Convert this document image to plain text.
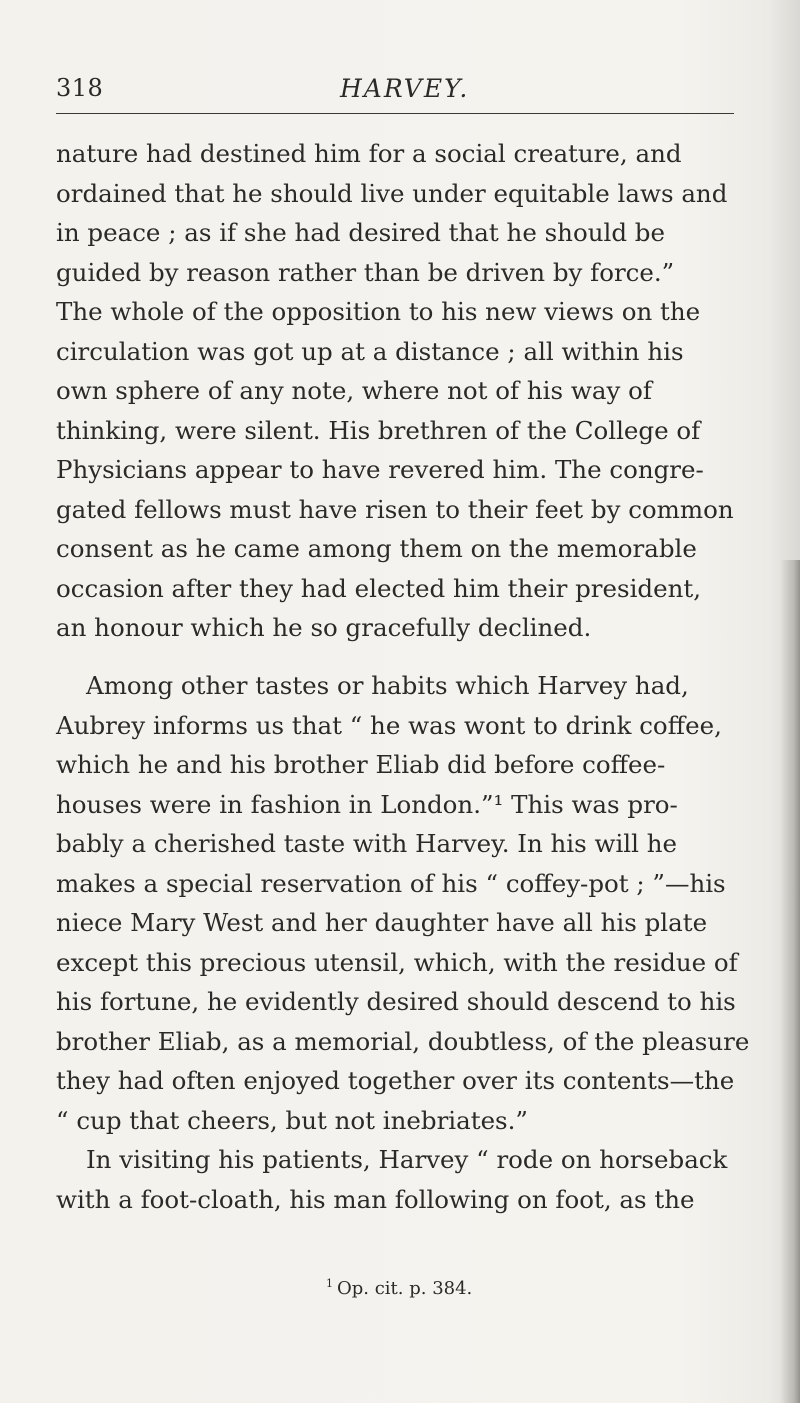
318	HARVEY.
nature had destined him for a social creature, and
ordained that he should live under equitable laws and
in peace ; as if she had desired that he should be
guided by reason rather than be driven by force.”
The whole of the opposition to his new views on the
circulation was got up at a distance ; all within his
own sphere of any note, where not of his way of
thinking, were silent. His brethren of the College of
Physicians appear to have revered him. The congre-
gated fellows must have risen to their feet by common
consent as he came among them on the memorable
occasion after they had elected him their president,
an honour which he so gracefully declined.
Among other tastes or habits which Harvey had,
Aubrey informs us that “ he was wont to drink coffee,
which he and his brother Eliab did before coffee-
houses were in fashion in London.”¹ This was pro-
bably a cherished taste with Harvey. In his will he
makes a special reservation of his “ coffey-pot ; ”—his
niece Mary West and her daughter have all his plate
except this precious utensil, which, with the residue of
his fortune, he evidently desired should descend to his
brother Eliab, as a memorial, doubtless, of the pleasure
they had often enjoyed together over its contents—the
“ cup that cheers, but not inebriates.”
In visiting his patients, Harvey “ rode on horseback
with a foot-cloath, his man following on foot, as the
$^1$ Op. cit. p. 384.
